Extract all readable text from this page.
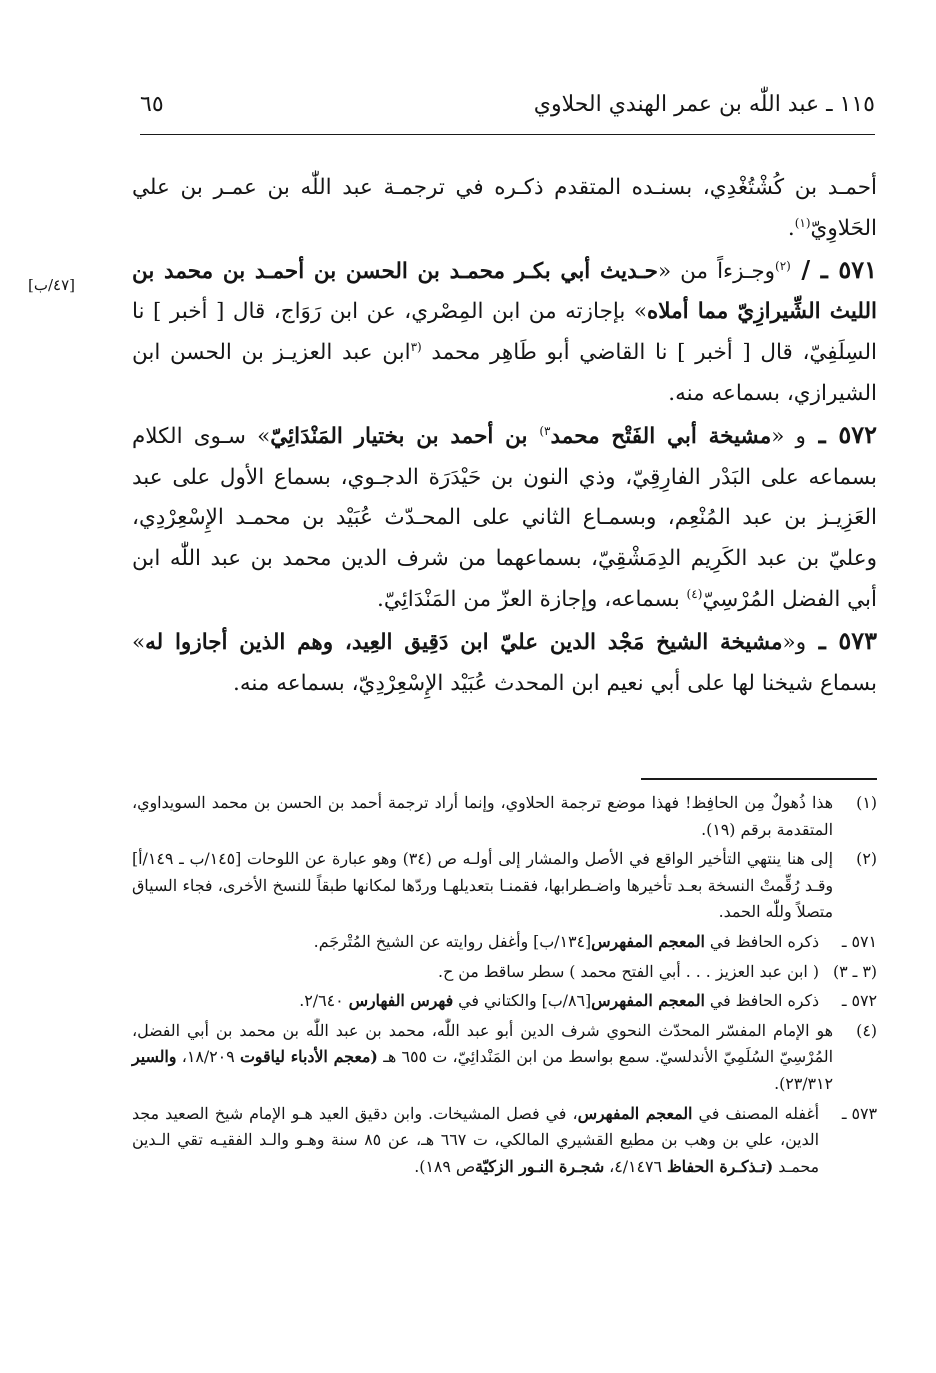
١١٥ ـ عبد اللّٰه بن عمر الهندي الحلاوي
٦٥
[٤٧/ب]

أحمـد بن كُشْتُغْدِي، بسنـده المتقدم ذكـره في ترجمـة عبد اللّٰه بن عمـر بن علي الحَلاوِيّ$^{(١)}$.

٥٧١ ـ / $^{(٢)}$وجـزءاً من «حـديث أبي بكـر محمـد بن الحسن بن أحمـد بن محمد بن الليث الشِّيرازِيّ مما أملاه» بإجازته من ابن المِصْري، عن ابن رَوَاج، قال [ أخبر ] نا السِلَفِيّ، قال [ أخبر ] نا القاضي أبو طَاهِر محمد $^{(٣}$ابن عبد العزيـز بن الحسن ابن الشيرازي، بسماعه منه.

٥٧٢ ـ و «مشيخة أبي الفَتْح محمد$^{٣)}$ بن أحمد بن بختيار المَنْدَائِيّ» سـوى الكلام بسماعه على البَدْر الفارِقِيّ، وذي النون بن حَيْدَرَة الدجـوي، بسماع الأول على عبد العَزِيـز بن عبد المُنْعِم، وبسمـاع الثاني على المحـدّث عُبَيْد بن محمـد الإِسْعِرْدِي، وعليّ بن عبد الكَرِيم الدِمَشْقِيّ، بسماعهما من شرف الدين محمد بن عبد اللّٰه ابن أبي الفضل المُرْسِيّ$^{(٤)}$ بسماعه، وإجازة العزّ من المَنْدَائِيّ.

٥٧٣ ـ و«مشيخة الشيخ مَجْد الدين عليّ ابن دَقِيق العِيد، وهم الذين أجازوا له» بسماع شيخنا لها على أبي نعيم ابن المحدث عُبَيْد الإِسْعِرْدِيّ، بسماعه منه.

(١)
هذا ذُهولٌ مِن الحافِظ! فهذا موضع ترجمة الحلاوي، وإنما أراد ترجمة أحمد بن الحسن بن محمد السويداوي، المتقدمة برقم (١٩).
(٢)
إلى هنا ينتهي التأخير الواقع في الأصل والمشار إلى أولـه ص (٣٤) وهو عبارة عن اللوحات [١٤٥/ب ـ ١٤٩/أ] وقـد رُقِّمتْ النسخة بعـد تأخيرها واضـطرابها، فقمنـا بتعديلهـا وردّها لمكانها طبقاً للنسخ الأخرى، فجاء السياق متصلاً وللّٰه الحمد.
٥٧١ ـ
ذكره الحافظ في المعجم المفهرس[١٣٤/ب] وأغفل روايته عن الشيخ المُتْرجَم.
(٣ ـ ٣)
( ابن عبد العزيز . . . أبي الفتح محمد ) سطر ساقط من ح.
٥٧٢ ـ
ذكره الحافظ في المعجم المفهرس[٨٦/ب] والكتاني في فهرس الفهارس ٢/٦٤٠.
(٤)
هو الإمام المفسّر المحدّث النحوي شرف الدين أبو عبد اللّٰه، محمد بن عبد اللّٰه بن محمد بن أبي الفضل، المُرْسِيّ السُلَمِيّ الأندلسيّ. سمع بواسط من ابن المَنْدائِيّ، ت ٦٥٥ هـ (معجم الأدباء لياقوت ١٨/٢٠٩، والسير ٢٣/٣١٢).
٥٧٣ ـ
أغفله المصنف في المعجم المفهرس، في فصل المشيخات. وابن دقيق العيد هـو الإمام شيخ الصعيد مجد الدين، علي بن وهب بن مطيع القشيري المالكي، ت ٦٦٧ هـ، عن ٨٥ سنة وهـو والـد الفقيـه تقي الـدين محمـد (تـذكـرة الحفاظ ٤/١٤٧٦، شجـرة النـور الزكيّةص ١٨٩).
